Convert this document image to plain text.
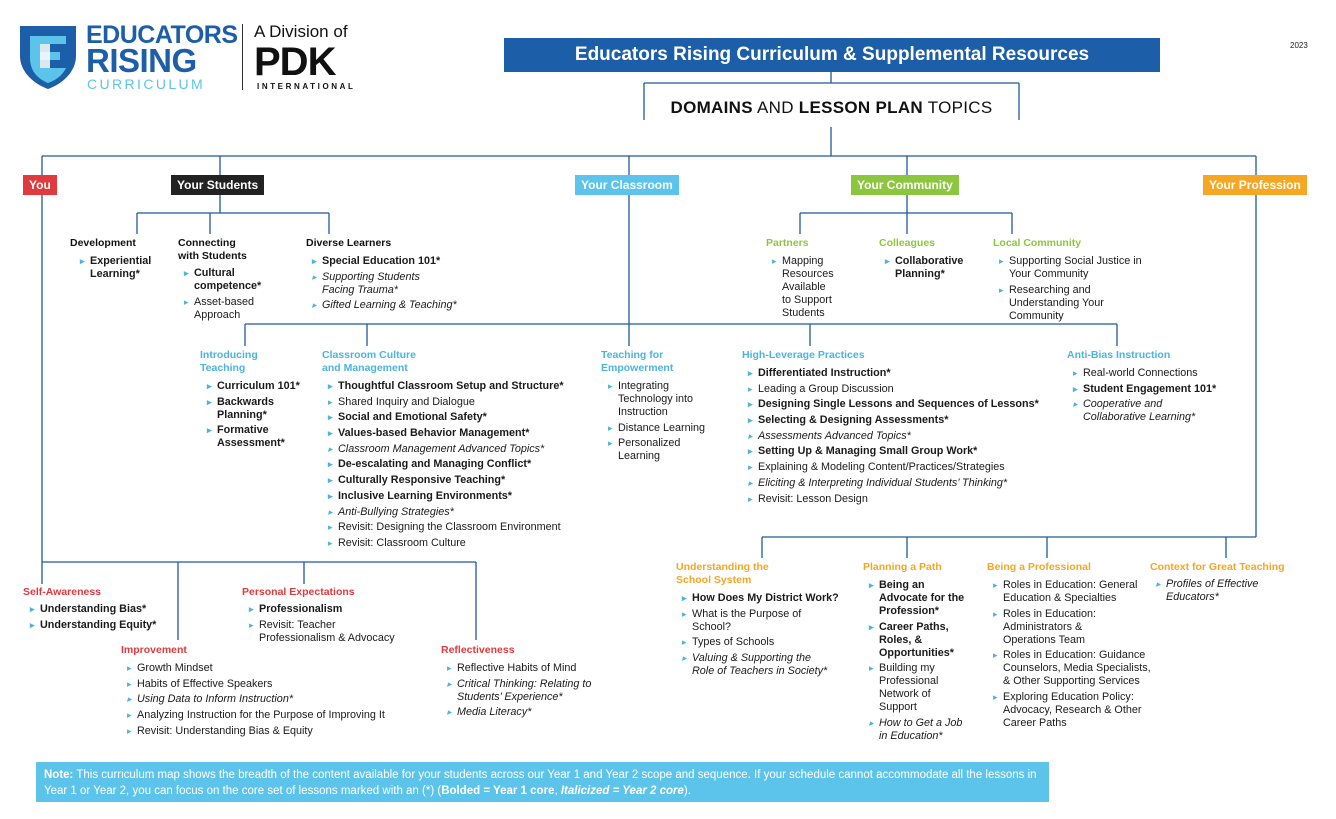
EDUCATORS
RISING
CURRICULUM
A Division of
PDK
INTERNATIONAL
Educators Rising Curriculum & Supplemental Resources	2023
DOMAINS AND LESSON PLAN TOPICS
You	Your Students	Your Classroom	Your Community	Your Profession
Development
▸ Experiential
Learning*
Connecting
with Students
▸ Cultural
competence*
▸ Asset-based
Approach
Diverse Learners
▸ Special Education 101*
▸ Supporting Students
Facing Trauma*
▸ Gifted Learning & Teaching*
Partners
▸ Mapping
Resources
Available
to Support
Students
Colleagues
▸ Collaborative
Planning*
Local Community
▸ Supporting Social Justice in
Your Community
▸ Researching and
Understanding Your
Community
Introducing
Teaching
▸ Curriculum 101*
▸ Backwards
Planning*
▸ Formative
Assessment*
Classroom Culture
and Management
▸ Thoughtful Classroom Setup and Structure*
▸ Shared Inquiry and Dialogue
▸ Social and Emotional Safety*
▸ Values-based Behavior Management*
▸ Classroom Management Advanced Topics*
▸ De-escalating and Managing Conflict*
▸ Culturally Responsive Teaching*
▸ Inclusive Learning Environments*
▸ Anti-Bullying Strategies*
▸ Revisit: Designing the Classroom Environment
▸ Revisit: Classroom Culture
Teaching for
Empowerment
▸ Integrating
Technology into
Instruction
▸ Distance Learning
▸ Personalized
Learning
High-Leverage Practices
▸ Differentiated Instruction*
▸ Leading a Group Discussion
▸ Designing Single Lessons and Sequences of Lessons*
▸ Selecting & Designing Assessments*
▸ Assessments Advanced Topics*
▸ Setting Up & Managing Small Group Work*
▸ Explaining & Modeling Content/Practices/Strategies
▸ Eliciting & Interpreting Individual Students’ Thinking*
▸ Revisit: Lesson Design
Anti-Bias Instruction
▸ Real-world Connections
▸ Student Engagement 101*
▸ Cooperative and
Collaborative Learning*
Self-Awareness
▸ Understanding Bias*
▸ Understanding Equity*
Improvement
▸ Growth Mindset
▸ Habits of Effective Speakers
▸ Using Data to Inform Instruction*
▸ Analyzing Instruction for the Purpose of Improving It
▸ Revisit: Understanding Bias & Equity
Personal Expectations
▸ Professionalism
▸ Revisit: Teacher
Professionalism & Advocacy
Reflectiveness
▸ Reflective Habits of Mind
▸ Critical Thinking: Relating to
Students’ Experience*
▸ Media Literacy*
Understanding the
School System
▸ How Does My District Work?
▸ What is the Purpose of
School?
▸ Types of Schools
▸ Valuing & Supporting the
Role of Teachers in Society*
Planning a Path
▸ Being an
Advocate for the
Profession*
▸ Career Paths,
Roles, &
Opportunities*
▸ Building my
Professional
Network of
Support
▸ How to Get a Job
in Education*
Being a Professional
▸ Roles in Education: General
Education & Specialties
▸ Roles in Education:
Administrators &
Operations Team
▸ Roles in Education: Guidance
Counselors, Media Specialists,
& Other Supporting Services
▸ Exploring Education Policy:
Advocacy, Research & Other
Career Paths
Context for Great Teaching
▸ Profiles of Effective
Educators*
Note: This curriculum map shows the breadth of the content available for your students across our Year 1 and Year 2 scope and sequence. If your schedule cannot accommodate all the lessons in Year 1 or Year 2, you can focus on the core set of lessons marked with an (*) (Bolded = Year 1 core, Italicized = Year 2 core).
